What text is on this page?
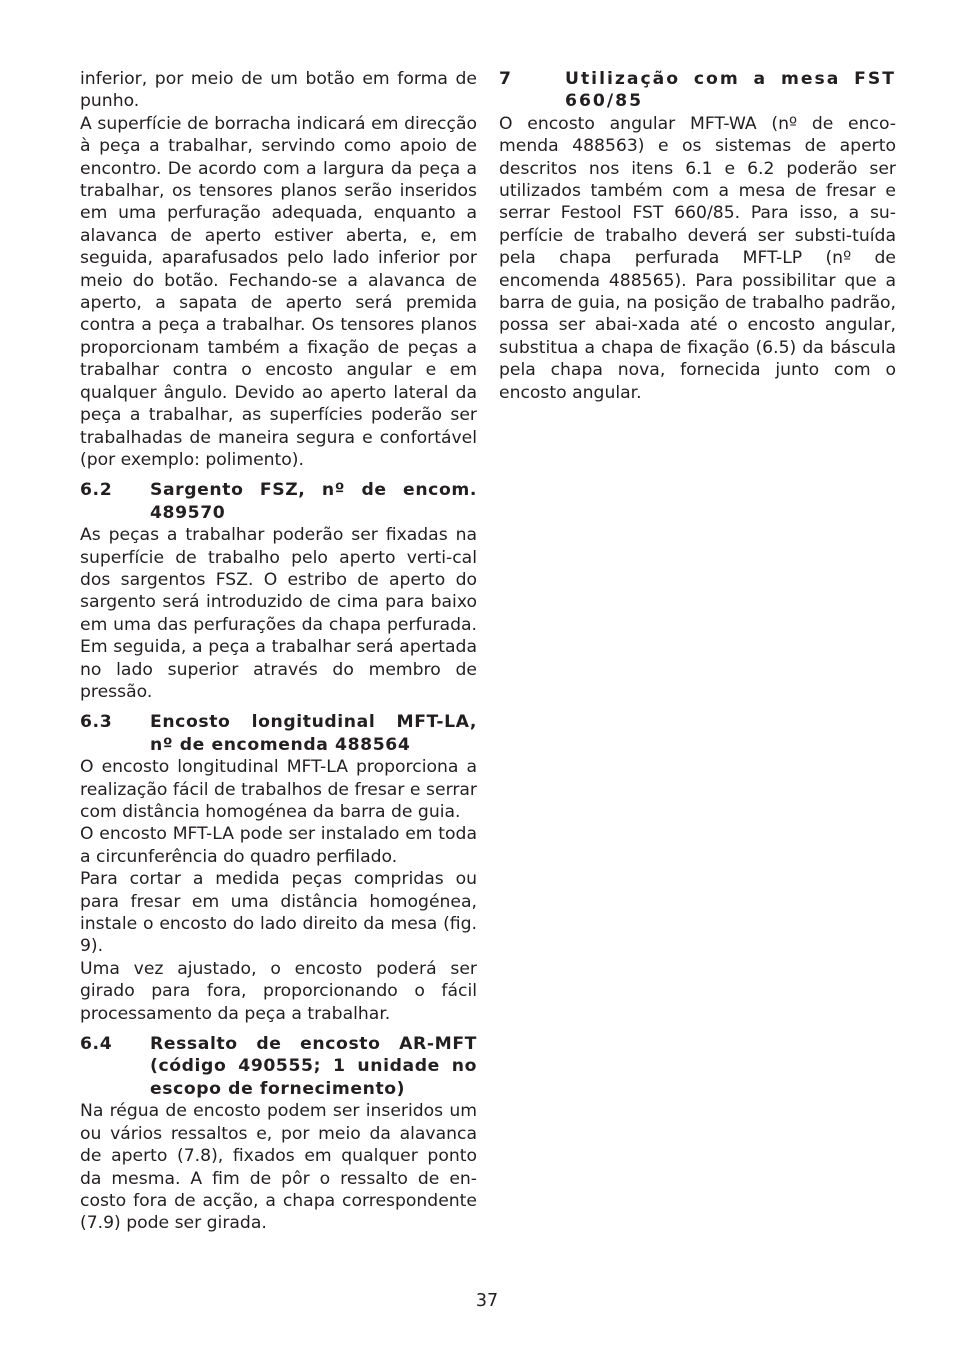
inferior, por meio de um botão em forma de punho.

A superfície de borracha indicará em direcção à peça a trabalhar, servindo como apoio de encontro. De acordo com a largura da peça a trabalhar, os tensores planos serão inseridos em uma perfuração adequada, enquanto a alavanca de aperto estiver aberta, e, em seguida, aparafusados pelo lado inferior por meio do botão. Fechando-se a alavanca de aperto, a sapata de aperto será premida contra a peça a trabalhar. Os tensores planos proporcionam também a fixação de peças a trabalhar contra o encosto angular e em qualquer ângulo. Devido ao aperto lateral da peça a trabalhar, as superfícies poderão ser trabalhadas de maneira segura e confortável (por exemplo: polimento).

6.2	Sargento FSZ, nº de encom. 489570

As peças a trabalhar poderão ser fixadas na superfície de trabalho pelo aperto verti-cal dos sargentos FSZ. O estribo de aperto do sargento será introduzido de cima para baixo em uma das perfurações da chapa perfurada. Em seguida, a peça a trabalhar será apertada no lado superior através do membro de pressão.

6.3	Encosto longitudinal MFT-LA, nº de encomenda 488564

O encosto longitudinal MFT-LA proporciona a realização fácil de trabalhos de fresar e serrar com distância homogénea da barra de guia.

O encosto MFT-LA pode ser instalado em toda a circunferência do quadro perfilado.

Para cortar a medida peças compridas ou para fresar em uma distância homogénea, instale o encosto do lado direito da mesa (fig. 9).

Uma vez ajustado, o encosto poderá ser girado para fora, proporcionando o fácil processamento da peça a trabalhar.

6.4	Ressalto de encosto AR-MFT (código 490555; 1 unidade no escopo de fornecimento)

Na régua de encosto podem ser inseridos um ou vários ressaltos e, por meio da alavanca de aperto (7.8), fixados em qualquer ponto da mesma. A fim de pôr o ressalto de en-costo fora de acção, a chapa correspondente (7.9) pode ser girada.

7	Utilização com a mesa FST 660/85

O encosto angular MFT-WA (nº de enco-menda 488563) e os sistemas de aperto descritos nos itens 6.1 e 6.2 poderão ser utilizados também com a mesa de fresar e serrar Festool FST 660/85. Para isso, a su-perfície de trabalho deverá ser substi-tuída pela chapa perfurada MFT-LP (nº de encomenda 488565). Para possibilitar que a barra de guia, na posição de trabalho padrão, possa ser abai-xada até o encosto angular, substitua a chapa de fixação (6.5) da báscula pela chapa nova, fornecida junto com o encosto angular.

37
